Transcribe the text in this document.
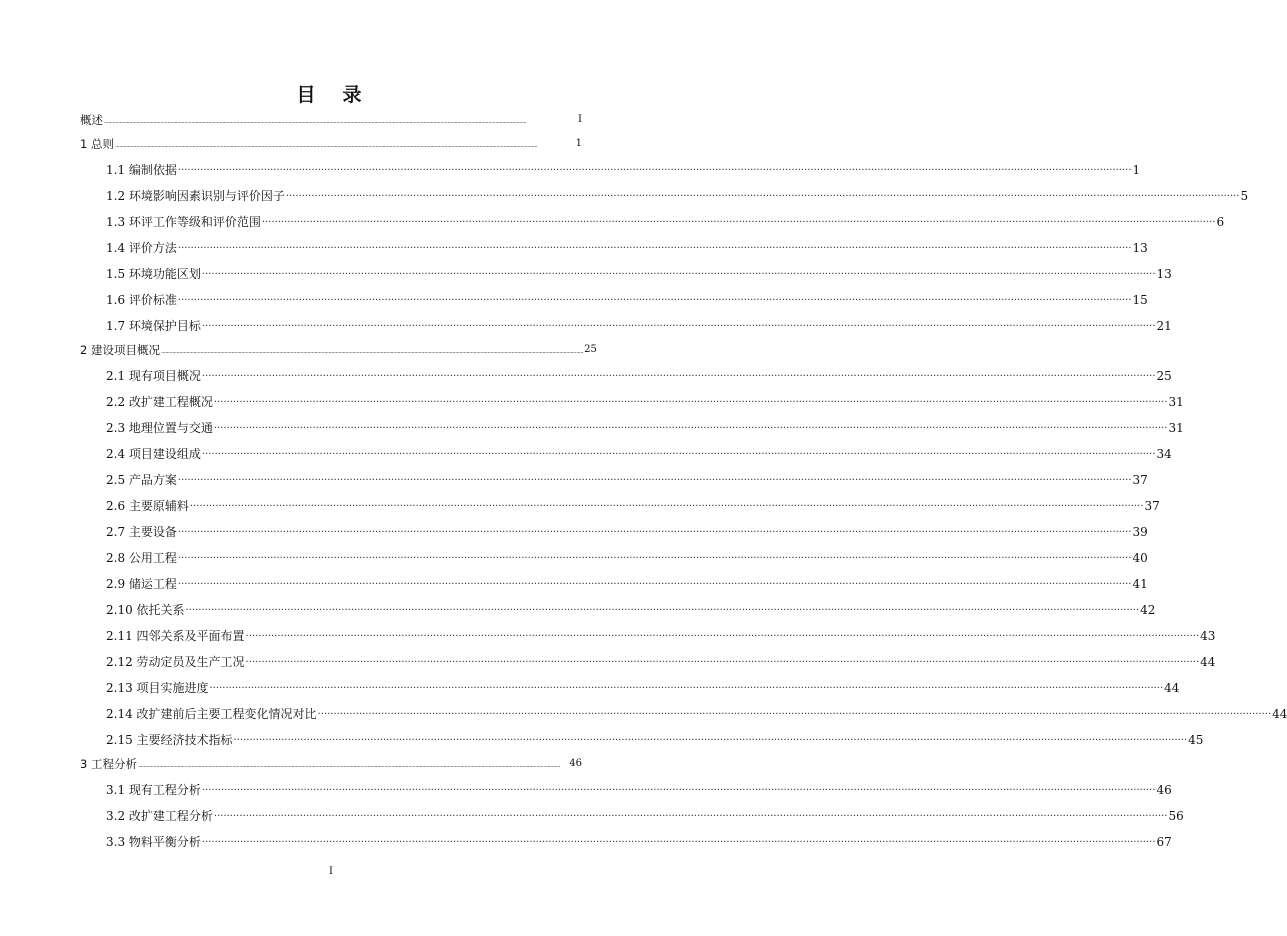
目　录
概述 ············································································································································································································································································································	I
1 总则 ············································································································································································································································································································	1
1.1 编制依据 ············································································································································································································································································································ 1
1.2 环境影响因素识别与评价因子 ············································································································································································································································································································ 5
1.3 环评工作等级和评价范围 ············································································································································································································································································································ 6
1.4 评价方法 ············································································································································································································································································································ 13
1.5 环境功能区划 ············································································································································································································································································································ 13
1.6 评价标准 ············································································································································································································································································································ 15
1.7 环境保护目标 ············································································································································································································································································································ 21
2 建设项目概况 ············································································································································································································································································································ 25
2.1 现有项目概况 ············································································································································································································································································································ 25
2.2 改扩建工程概况 ············································································································································································································································································································ 31
2.3 地理位置与交通 ············································································································································································································································································································ 31
2.4 项目建设组成 ············································································································································································································································································································ 34
2.5 产品方案 ············································································································································································································································································································ 37
2.6 主要原辅料 ············································································································································································································································································································ 37
2.7 主要设备 ············································································································································································································································································································ 39
2.8 公用工程 ············································································································································································································································································································ 40
2.9 储运工程 ············································································································································································································································································································ 41
2.10 依托关系 ············································································································································································································································································································ 42
2.11 四邻关系及平面布置 ············································································································································································································································································································ 43
2.12 劳动定员及生产工况 ············································································································································································································································································································ 44
2.13 项目实施进度 ············································································································································································································································································································ 44
2.14 改扩建前后主要工程变化情况对比 ············································································································································································································································································································ 44
2.15 主要经济技术指标 ············································································································································································································································································································ 45
3 工程分析 ············································································································································································································································································································ 46
3.1 现有工程分析 ············································································································································································································································································································ 46
3.2 改扩建工程分析 ············································································································································································································································································································ 56
3.3 物料平衡分析 ············································································································································································································································································································ 67
I
